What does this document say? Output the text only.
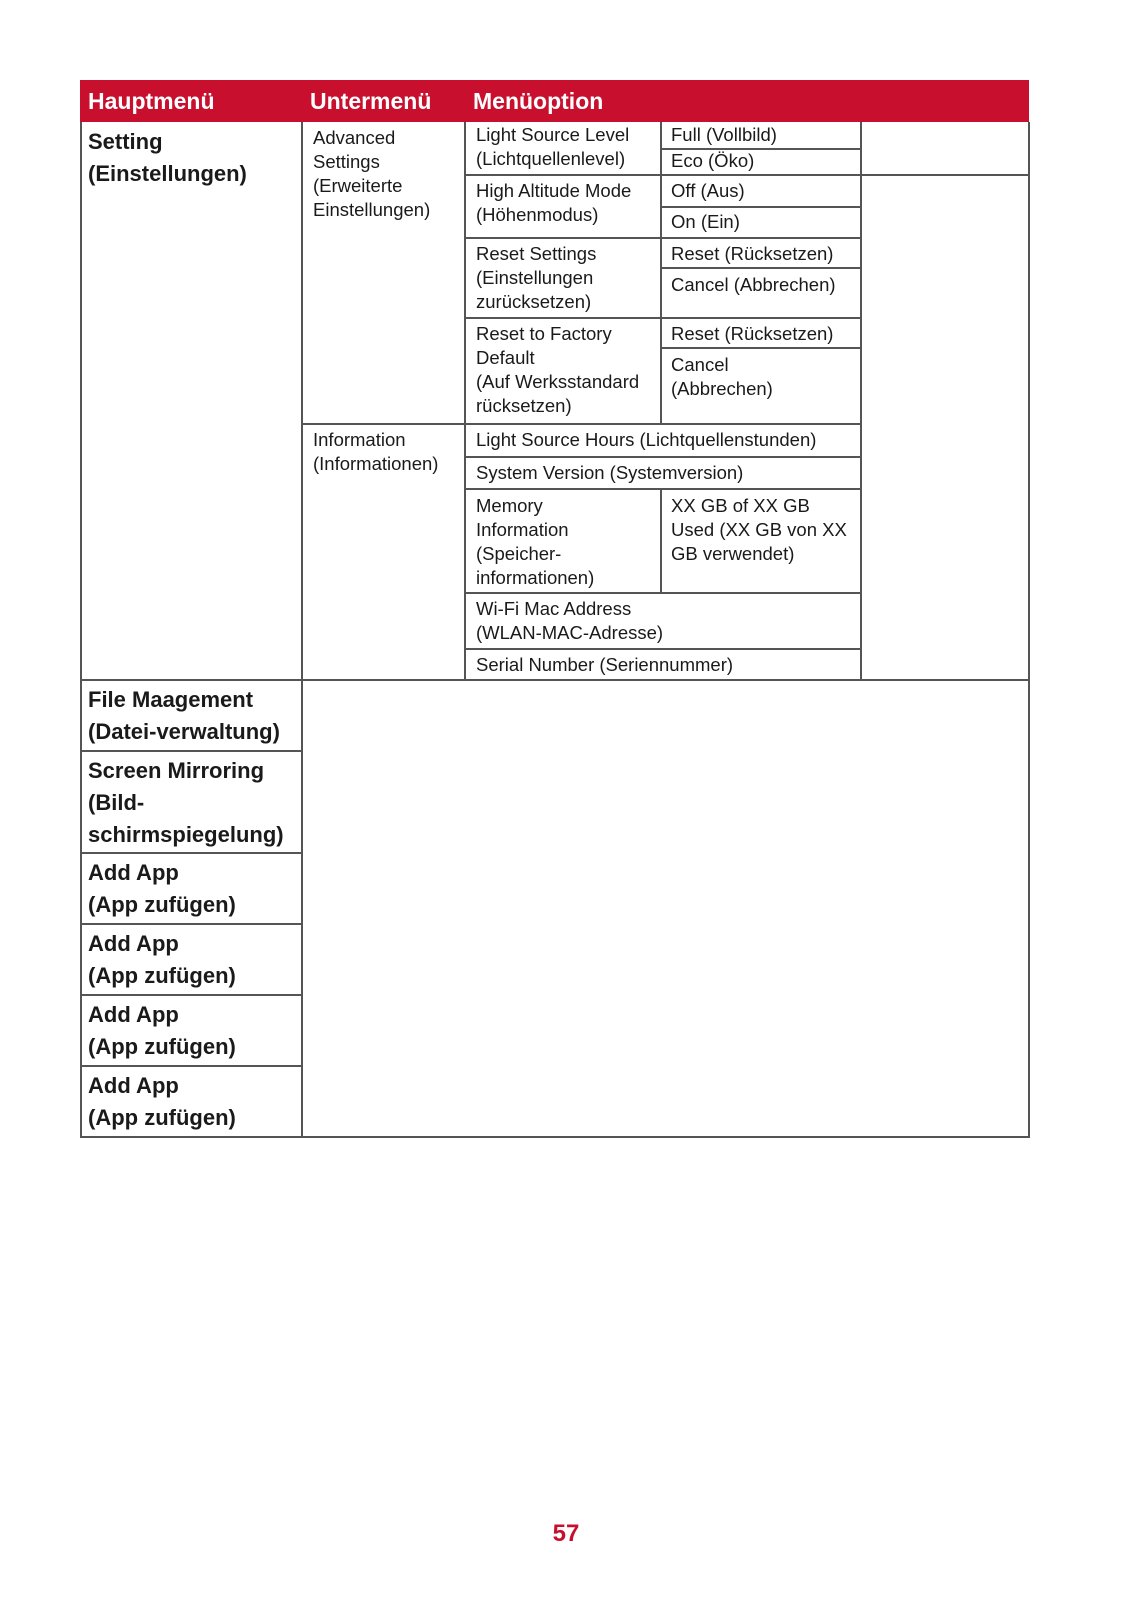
Hauptmenü	Untermenü	Menüoption
Setting
(Einstellungen)
Advanced
Settings
(Erweiterte
Einstellungen)
Light Source Level
(Lichtquellenlevel)
Full (Vollbild)
Eco (Öko)
High Altitude Mode
(Höhenmodus)
Off (Aus)
On (Ein)
Reset Settings
(Einstellungen
zurücksetzen)
Reset (Rücksetzen)
Cancel (Abbrechen)
Reset to Factory
Default
(Auf Werksstandard
rücksetzen)
Reset (Rücksetzen)
Cancel
(Abbrechen)
Information
(Informationen)
Light Source Hours (Lichtquellenstunden)
System Version (Systemversion)
Memory
Information
(Speicher-
informationen)
XX GB of XX GB
Used (XX GB von XX
GB verwendet)
Wi-Fi Mac Address
(WLAN-MAC-Adresse)
Serial Number (Seriennummer)
File Maagement
(Datei-verwaltung)
Screen Mirroring
(Bild-
schirmspiegelung)
Add App
(App zufügen)
Add App
(App zufügen)
Add App
(App zufügen)
Add App
(App zufügen)
57
